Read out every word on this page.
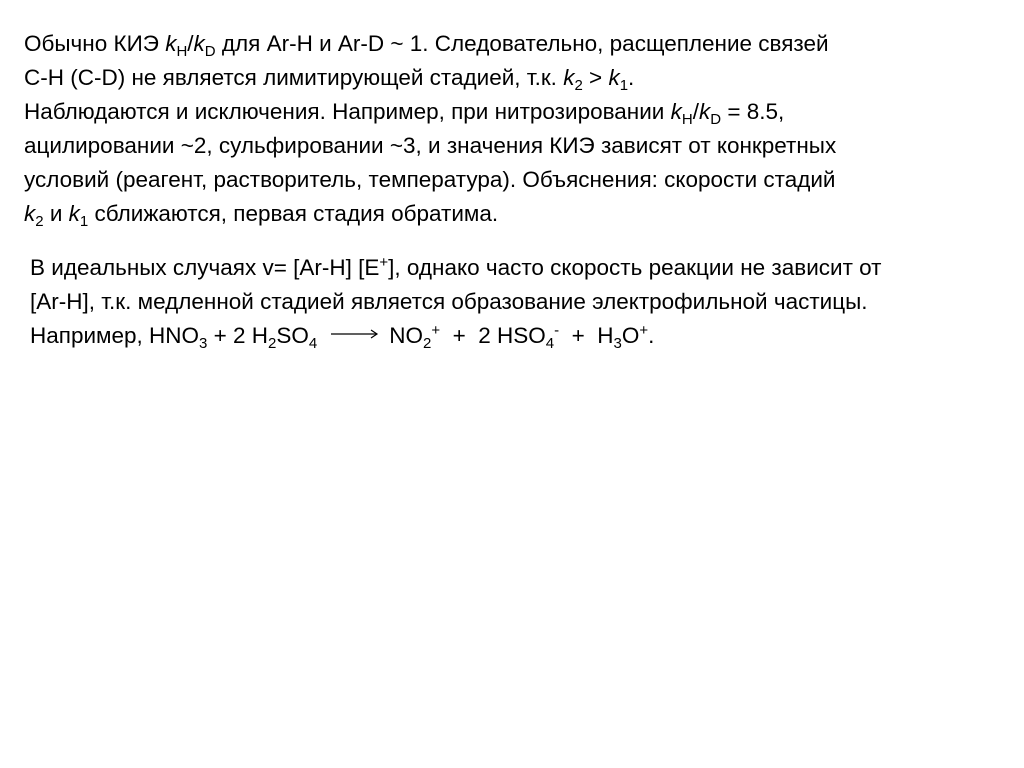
Обычно КИЭ $k_H/k_D$ для Ar-H и Ar-D ~ 1. Следовательно, расщепление связей
C-H (C-D) не является лимитирующей стадией, т.к. $k_2 > k_1$.
Наблюдаются и исключения. Например, при нитрозировании $k_H/k_D = 8.5$,
ацилировании ~2, сульфировании ~3, и значения КИЭ зависят от конкретных
условий (реагент, растворитель, температура). Объяснения: скорости стадий
$k_2$ и $k_1$ сближаются, первая стадия обратима.
В идеальных случаях v= [Ar-H] [E+], однако часто скорость реакции не зависит от
[Ar-H], т.к. медленной стадией является образование электрофильной частицы.
Например, $HNO_3 + 2$ $H_2SO_4 \to NO_2^+ + 2$ $HSO_4^- + H_3O^+$.
